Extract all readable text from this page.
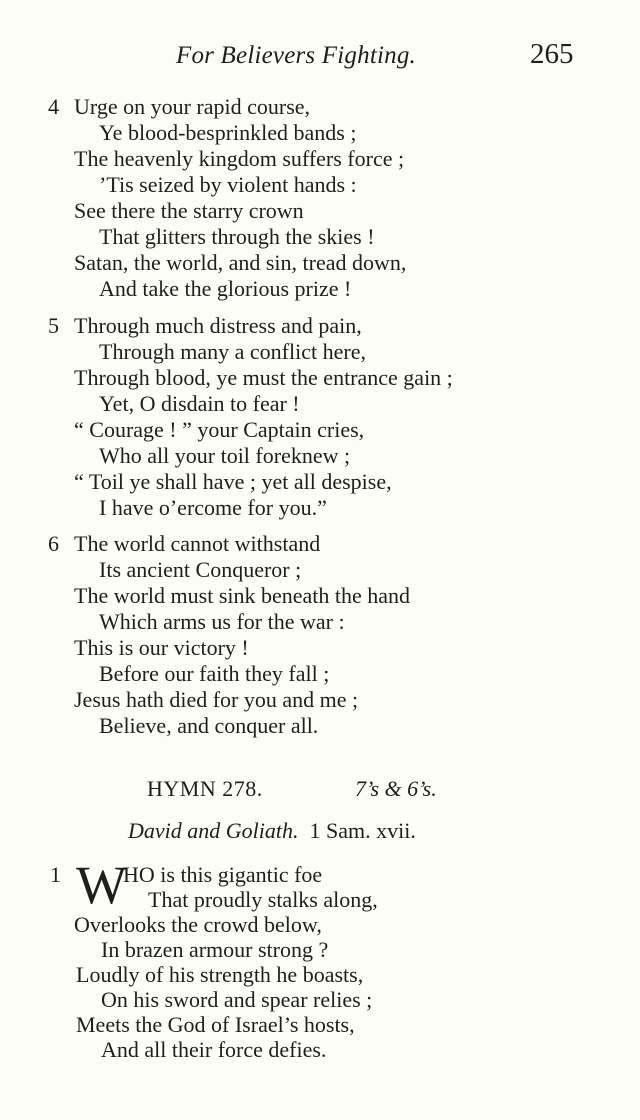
For Believers Fighting.	265
4 Urge on your rapid course,
Ye blood-besprinkled bands ;
The heavenly kingdom suffers force ;
’Tis seized by violent hands :
See there the starry crown
That glitters through the skies !
Satan, the world, and sin, tread down,
And take the glorious prize !
5 Through much distress and pain,
Through many a conflict here,
Through blood, ye must the entrance gain ;
Yet, O disdain to fear !
“ Courage ! ” your Captain cries,
Who all your toil foreknew ;
“ Toil ye shall have ; yet all despise,
I have o’ercome for you.”
6 The world cannot withstand
Its ancient Conqueror ;
The world must sink beneath the hand
Which arms us for the war :
This is our victory !
Before our faith they fall ;
Jesus hath died for you and me ;
Believe, and conquer all.
HYMN 278.	7’s & 6’s.
David and Goliath. 1 Sam. xvii.
1 W
HO is this gigantic foe
That proudly stalks along,
Overlooks the crowd below,
In brazen armour strong ?
Loudly of his strength he boasts,
On his sword and spear relies ;
Meets the God of Israel’s hosts,
And all their force defies.
